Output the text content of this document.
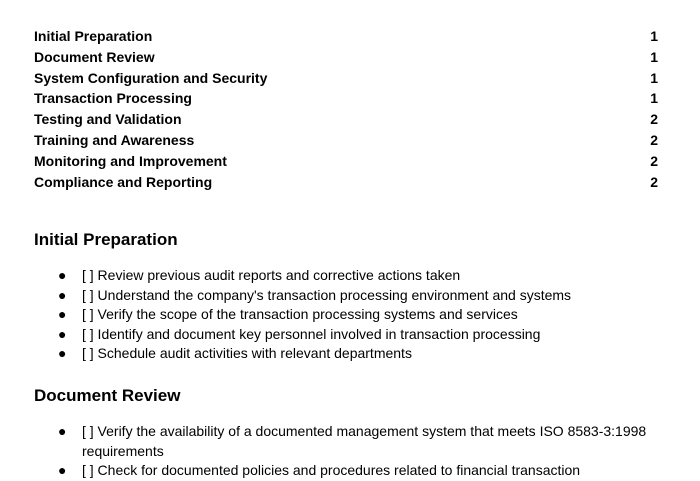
Initial Preparation	1
Document Review	1
System Configuration and Security	1
Transaction Processing	1
Testing and Validation	2
Training and Awareness	2
Monitoring and Improvement	2
Compliance and Reporting	2
Initial Preparation
● [ ] Review previous audit reports and corrective actions taken
● [ ] Understand the company's transaction processing environment and systems
● [ ] Verify the scope of the transaction processing systems and services
● [ ] Identify and document key personnel involved in transaction processing
● [ ] Schedule audit activities with relevant departments
Document Review
● [ ] Verify the availability of a documented management system that meets ISO 8583-3:1998 requirements
● [ ] Check for documented policies and procedures related to financial transaction
